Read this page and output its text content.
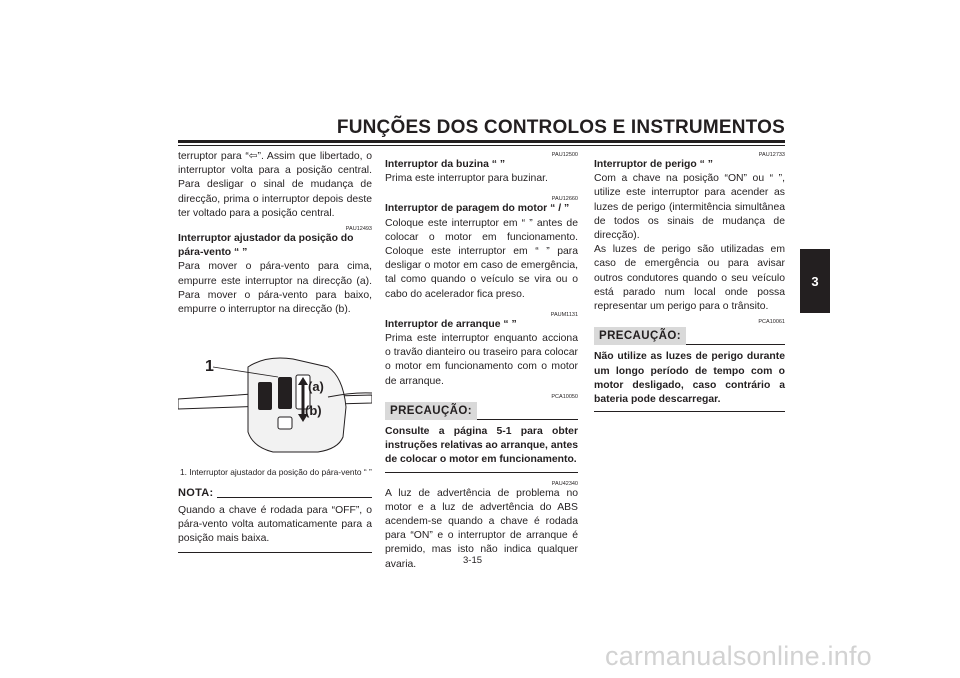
FUNÇÕES DOS CONTROLOS E INSTRUMENTOS
3

terruptor para “⇦”. Assim que libertado, o interruptor volta para a posição central. Para desligar o sinal de mudança de direcção, prima o interruptor depois deste ter voltado para a posição central.

PAU12493

Interruptor ajustador da posição do pára-vento “ ”

Para mover o pára-vento para cima, empurre este interruptor na direcção (a). Para mover o pára-vento para baixo, empurre o interruptor na direcção (b).

1
(a)
(b)

1. Interruptor ajustador da posição do pára-vento “ ”

NOTA:

Quando a chave é rodada para “OFF”, o pára-vento volta automaticamente para a posição mais baixa.

PAU12500

Interruptor da buzina “ ”

Prima este interruptor para buzinar.

PAU12660

Interruptor de paragem do motor “ / ”

Coloque este interruptor em “ ” antes de colocar o motor em funcionamento. Coloque este interruptor em “ ” para desligar o motor em caso de emergência, tal como quando o veículo se vira ou o cabo do acelerador fica preso.

PAUM1131

Interruptor de arranque “ ”

Prima este interruptor enquanto acciona o travão dianteiro ou traseiro para colocar o motor em funcionamento com o motor de arranque.

PCA10050
PRECAUÇÃO:

Consulte a página 5-1 para obter instruções relativas ao arranque, antes de colocar o motor em funcionamento.

PAU42340

A luz de advertência de problema no motor e a luz de advertência do ABS acendem-se quando a chave é rodada para “ON” e o interruptor de arranque é premido, mas isto não indica qualquer avaria.

PAU12733

Interruptor de perigo “ ”

Com a chave na posição “ON” ou “ ”, utilize este interruptor para acender as luzes de perigo (intermitência simultânea de todos os sinais de mudança de direcção).

As luzes de perigo são utilizadas em caso de emergência ou para avisar outros condutores quando o seu veículo está parado num local onde possa representar um perigo para o trânsito.

PCA10061
PRECAUÇÃO:

Não utilize as luzes de perigo durante um longo período de tempo com o motor desligado, caso contrário a bateria pode descarregar.

3-15
carmanualsonline.info
